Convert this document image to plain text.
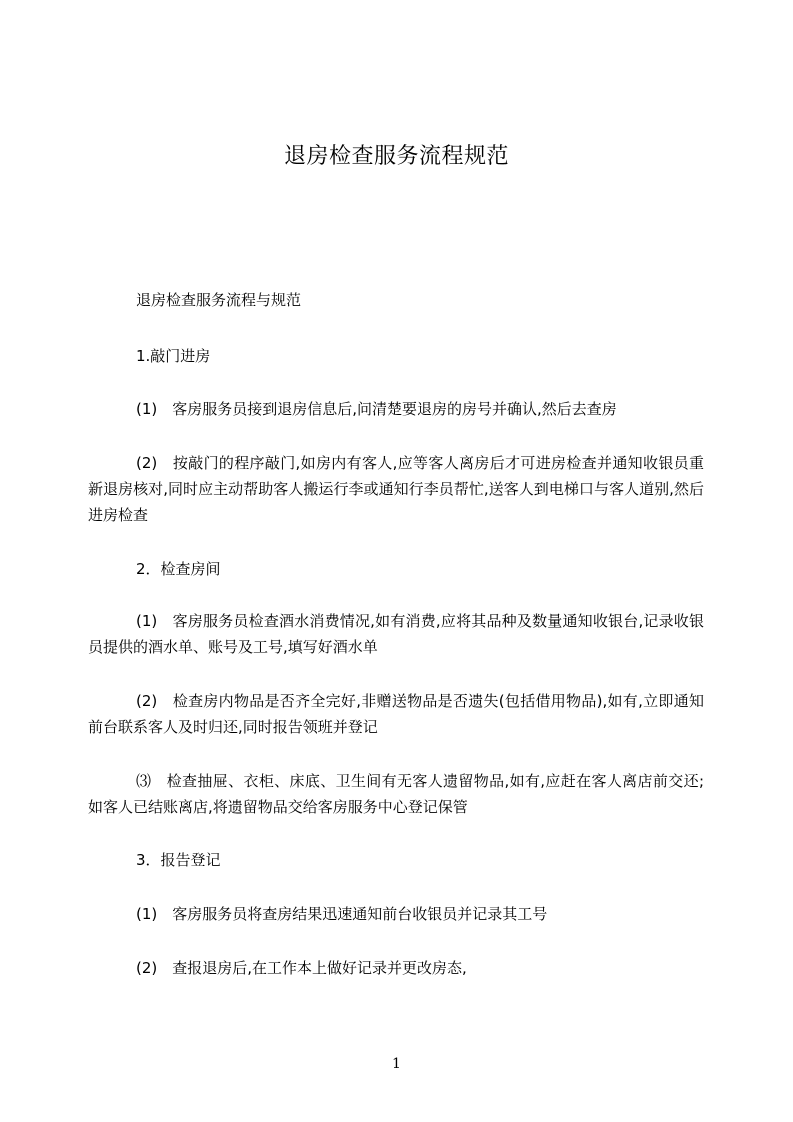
退房检查服务流程规范
退房检查服务流程与规范
1.敲门进房
(1)　客房服务员接到退房信息后,问清楚要退房的房号并确认,然后去查房
(2)　按敲门的程序敲门,如房内有客人,应等客人离房后才可进房检查并通知收银员重新退房核对,同时应主动帮助客人搬运行李或通知行李员帮忙,送客人到电梯口与客人道别,然后进房检查
2．检查房间
(1)　客房服务员检查酒水消费情况,如有消费,应将其品种及数量通知收银台,记录收银员提供的酒水单、账号及工号,填写好酒水单
(2)　检查房内物品是否齐全完好,非赠送物品是否遗失(包括借用物品),如有,立即通知前台联系客人及时归还,同时报告领班并登记
⑶　检查抽屉、衣柜、床底、卫生间有无客人遗留物品,如有,应赶在客人离店前交还;如客人已结账离店,将遗留物品交给客房服务中心登记保管
3．报告登记
(1)　客房服务员将查房结果迅速通知前台收银员并记录其工号
(2)　查报退房后,在工作本上做好记录并更改房态,
1
